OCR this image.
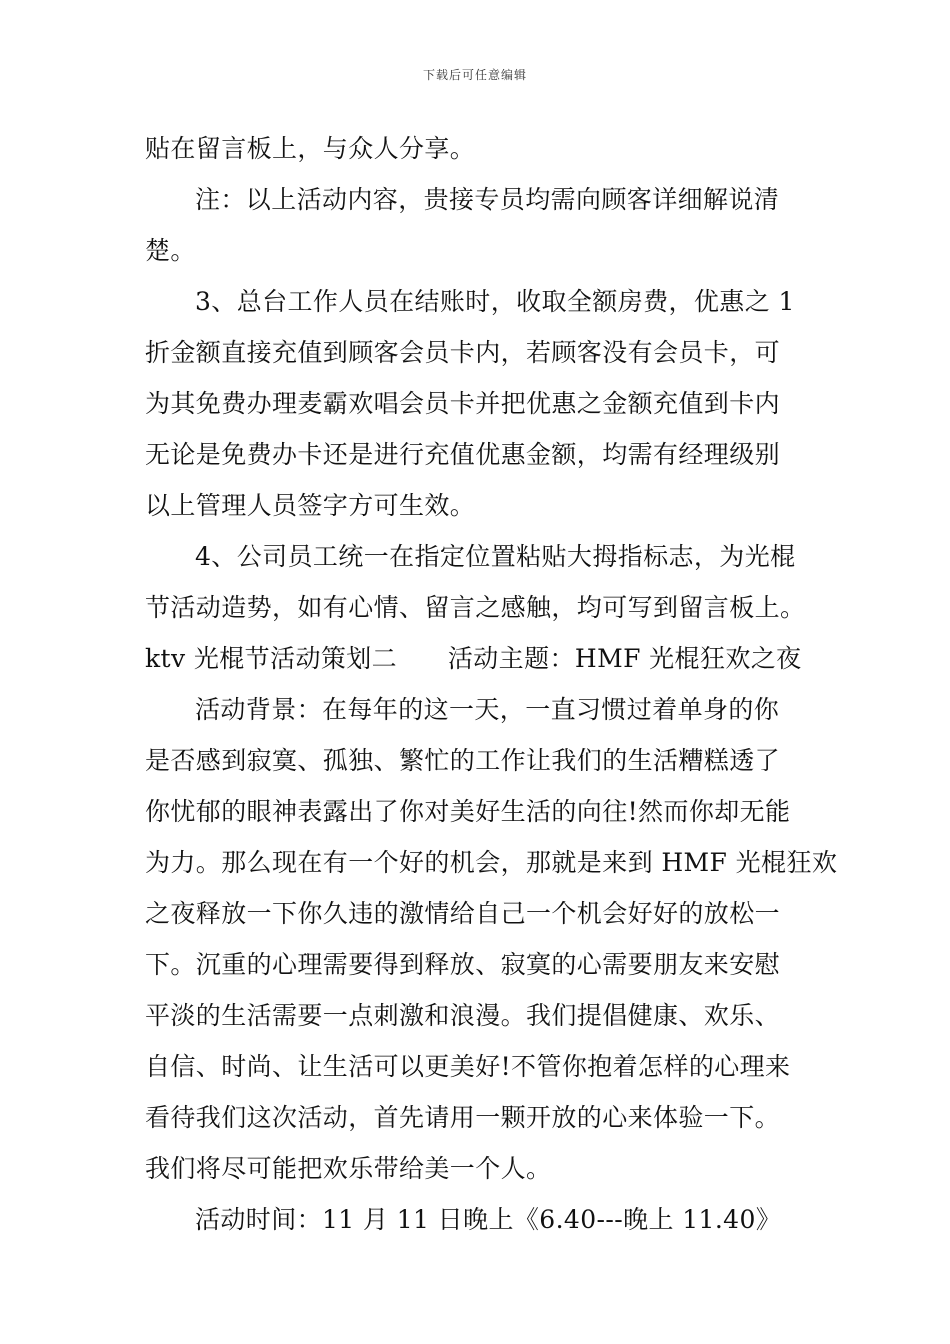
下载后可任意编辑
贴在留言板上，与众人分享。
注：以上活动内容，贵接专员均需向顾客详细解说清
楚。
3、总台工作人员在结账时，收取全额房费，优惠之 1
折金额直接充值到顾客会员卡内，若顾客没有会员卡，可
为其免费办理麦霸欢唱会员卡并把优惠之金额充值到卡内
无论是免费办卡还是进行充值优惠金额，均需有经理级别
以上管理人员签字方可生效。
4、公司员工统一在指定位置粘贴大拇指标志，为光棍
节活动造势，如有心情、留言之感触，均可写到留言板上。
ktv 光棍节活动策划二　　活动主题：HMF 光棍狂欢之夜
活动背景：在每年的这一天，一直习惯过着单身的你
是否感到寂寞、孤独、繁忙的工作让我们的生活糟糕透了
你忧郁的眼神表露出了你对美好生活的向往!然而你却无能
为力。那么现在有一个好的机会，那就是来到 HMF 光棍狂欢
之夜释放一下你久违的激情给自己一个机会好好的放松一
下。沉重的心理需要得到释放、寂寞的心需要朋友来安慰
平淡的生活需要一点刺激和浪漫。我们提倡健康、欢乐、
自信、时尚、让生活可以更美好!不管你抱着怎样的心理来
看待我们这次活动，首先请用一颗开放的心来体验一下。
我们将尽可能把欢乐带给美一个人。
活动时间：11 月 11 日晚上《6.40---晚上 11.40》
